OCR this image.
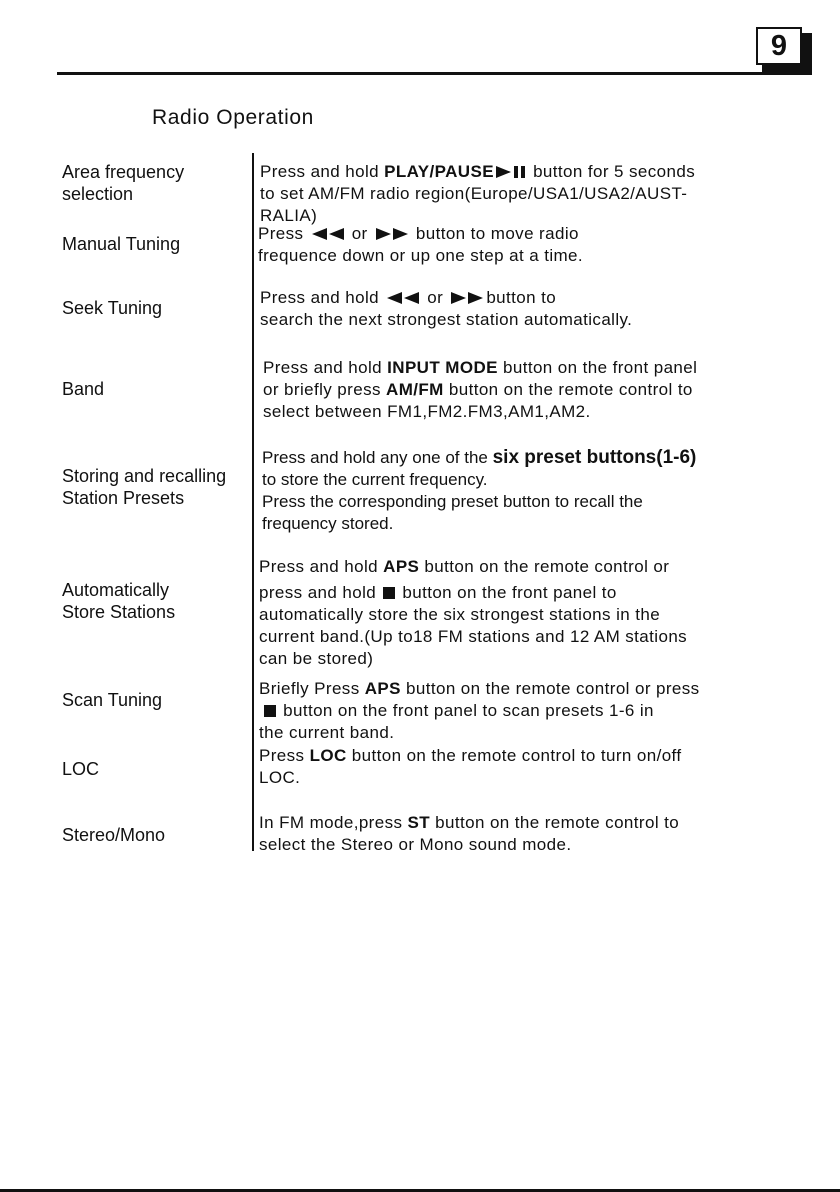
9
Radio Operation
Area frequency
selection
Press and hold PLAY/PAUSE button for 5 seconds
to set AM/FM radio region(Europe/USA1/USA2/AUST-
RALIA)
Manual Tuning
Press  or  button to move radio
frequence down or up one step at a time.
Seek Tuning
Press and hold  or button to
search the next strongest station automatically.
Band
Press and hold INPUT MODE button on the front panel
or briefly press AM/FM button on the remote control to
select between FM1,FM2.FM3,AM1,AM2.
Storing and recalling
Station Presets
Press and hold any one of the six preset buttons(1-6)
to store the current frequency.
Press the corresponding preset button to recall the
frequency stored.
Automatically
Store Stations
Press and hold APS button on the remote control or
press and hold  button on the front panel to
automatically store the six strongest stations in the
current band.(Up to18 FM stations and 12 AM stations
can be stored)
Scan Tuning
Briefly Press APS button on the remote control or press
button on the front panel to scan presets 1-6 in
the current band.
LOC
Press LOC button on the remote control to turn on/off
LOC.
Stereo/Mono
In FM mode,press ST button on the remote control to
select the Stereo or Mono sound mode.
